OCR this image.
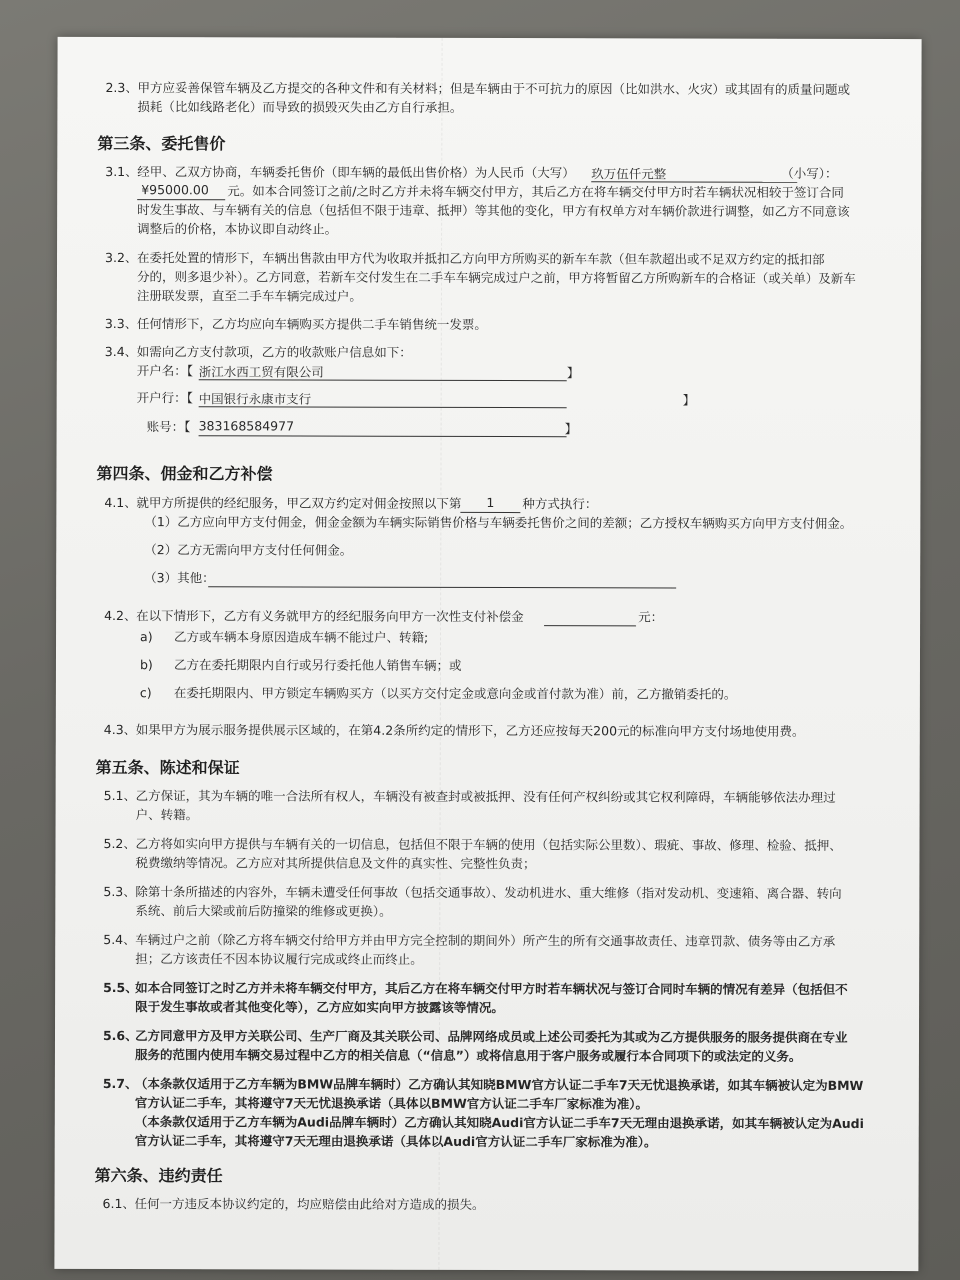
2.3、 甲方应妥善保管车辆及乙方提交的各种文件和有关材料；但是车辆由于不可抗力的原因（比如洪水、火灾）或其固有的质量问题或
损耗（比如线路老化）而导致的损毁灭失由乙方自行承担。
第三条、委托售价
3.1、 经甲、乙双方协商，车辆委托售价（即车辆的最低出售价格）为人民币（大写） 玖万伍仟元整	（小写）：
¥95000.00	元。如本合同签订之前/之时乙方并未将车辆交付甲方，其后乙方在将车辆交付甲方时若车辆状况相较于签订合同
时发生事故、与车辆有关的信息（包括但不限于违章、抵押）等其他的变化，甲方有权单方对车辆价款进行调整，如乙方不同意该
调整后的价格，本协议即自动终止。
3.2、 在委托处置的情形下，车辆出售款由甲方代为收取并抵扣乙方向甲方所购买的新车车款（但车款超出或不足双方约定的抵扣部
分的，则多退少补）。乙方同意，若新车交付发生在二手车车辆完成过户之前，甲方将暂留乙方所购新车的合格证（或关单）及新车
注册联发票，直至二手车车辆完成过户。
3.3、 任何情形下，乙方均应向车辆购买方提供二手车销售统一发票。
3.4、 如需向乙方支付款项，乙方的收款账户信息如下：
开户名：【 浙江水西工贸有限公司	】
开户行：【 中国银行永康市支行	】
账号：【 383168584977	】
第四条、佣金和乙方补偿
4.1、 就甲方所提供的经纪服务，甲乙双方约定对佣金按照以下第	1	种方式执行：
（1）乙方应向甲方支付佣金，佣金金额为车辆实际销售价格与车辆委托售价之间的差额；乙方授权车辆购买方向甲方支付佣金。
（2）乙方无需向甲方支付任何佣金。
（3）其他：
4.2、 在以下情形下，乙方有义务就甲方的经纪服务向甲方一次性支付补偿金	元：
a) 乙方或车辆本身原因造成车辆不能过户、转籍;
b) 乙方在委托期限内自行或另行委托他人销售车辆；或
c) 在委托期限内、甲方锁定车辆购买方（以买方交付定金或意向金或首付款为准）前，乙方撤销委托的。
4.3、 如果甲方为展示服务提供展示区域的，在第4.2条所约定的情形下，乙方还应按每天200元的标准向甲方支付场地使用费。
第五条、陈述和保证
5.1、 乙方保证，其为车辆的唯一合法所有权人，车辆没有被查封或被抵押、没有任何产权纠纷或其它权利障碍，车辆能够依法办理过
户、转籍。
5.2、 乙方将如实向甲方提供与车辆有关的一切信息，包括但不限于车辆的使用（包括实际公里数）、瑕疵、事故、修理、检验、抵押、
税费缴纳等情况。乙方应对其所提供信息及文件的真实性、完整性负责；
5.3、 除第十条所描述的内容外，车辆未遭受任何事故（包括交通事故）、发动机进水、重大维修（指对发动机、变速箱、离合器、转向
系统、前后大梁或前后防撞梁的维修或更换）。
5.4、 车辆过户之前（除乙方将车辆交付给甲方并由甲方完全控制的期间外）所产生的所有交通事故责任、违章罚款、债务等由乙方承
担；乙方该责任不因本协议履行完成或终止而终止。
5.5、
如本合同签订之时乙方并未将车辆交付甲方，其后乙方在将车辆交付甲方时若车辆状况与签订合同时车辆的情况有差异（包括但不
限于发生事故或者其他变化等），乙方应如实向甲方披露该等情况。
5.6、
乙方同意甲方及甲方关联公司、生产厂商及其关联公司、品牌网络成员或上述公司委托为其或为乙方提供服务的服务提供商在专业
服务的范围内使用车辆交易过程中乙方的相关信息（“信息”）或将信息用于客户服务或履行本合同项下的或法定的义务。
5.7、
（本条款仅适用于乙方车辆为BMW品牌车辆时）乙方确认其知晓BMW官方认证二手车7天无忧退换承诺，如其车辆被认定为BMW
官方认证二手车，其将遵守7天无忧退换承诺（具体以BMW官方认证二手车厂家标准为准）。
（本条款仅适用于乙方车辆为Audi品牌车辆时）乙方确认其知晓Audi官方认证二手车7天无理由退换承诺，如其车辆被认定为Audi
官方认证二手车，其将遵守7天无理由退换承诺（具体以Audi官方认证二手车厂家标准为准）。
第六条、违约责任
6.1、 任何一方违反本协议约定的，均应赔偿由此给对方造成的损失。
